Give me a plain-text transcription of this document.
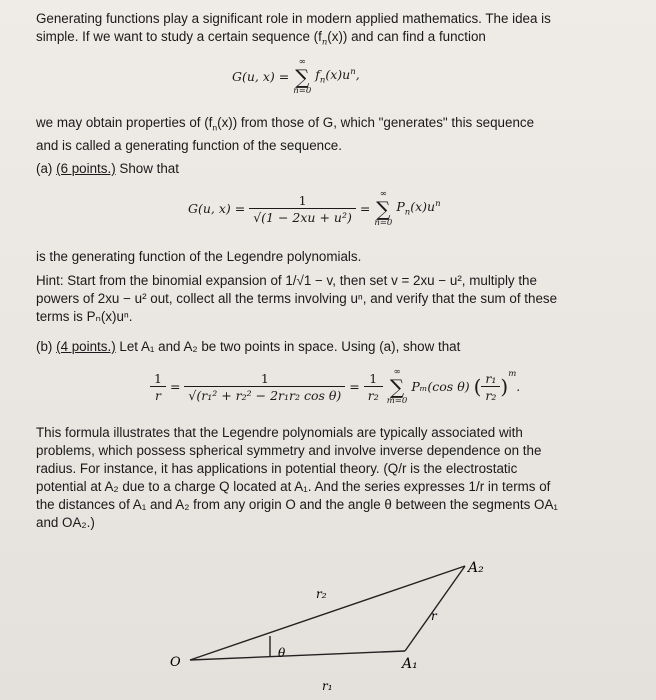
Generating functions play a significant role in modern applied mathematics. The idea is
simple. If we want to study a certain sequence $(f_n(x))$ and can find a function
G(u, x) =
∞
∑
n=0
$f_n(x)u^n$,
we may obtain properties of $(f_n(x))$ from those of G, which "generates" this sequence
and is called a generating function of the sequence.
(a) (6 points.) Show that
G(u, $x) = \frac{1}{\text{√(1 − 2xu + u²)}}$ =
∞
∑
n=0
$P_n(x)u^n$
is the generating function of the Legendre polynomials.
Hint: Start from the binomial expansion of 1/√1 − v, then set v = 2xu − u², multiply the
powers of 2xu − u² out, collect all the terms involving uⁿ, and verify that the sum of these
terms is Pₙ(x)uⁿ.
(b) (4 points.) Let A₁ and A₂ be two points in space. Using (a), show that
$\frac{1}{r} = \frac{1}{\text{√(r₁² + r₂² − 2r₁r₂ cos θ)}} = \frac{1}{\text{r₂}}$
	∞
∑
m=0
Pₘ(cos θ) ( $\frac{\text{r₁}}{\text{r₂}} )^m$.
This formula illustrates that the Legendre polynomials are typically associated with
problems, which possess spherical symmetry and involve inverse dependence on the
radius. For instance, it has applications in potential theory. (Q/r is the electrostatic
potential at A₂ due to a charge Q located at A₁. And the series expresses 1/r in terms of
the distances of A₁ and A₂ from any origin O and the angle θ between the segments OA₁
and OA₂.)
O	A₁
A₂
r₁
r₂
r
θ
